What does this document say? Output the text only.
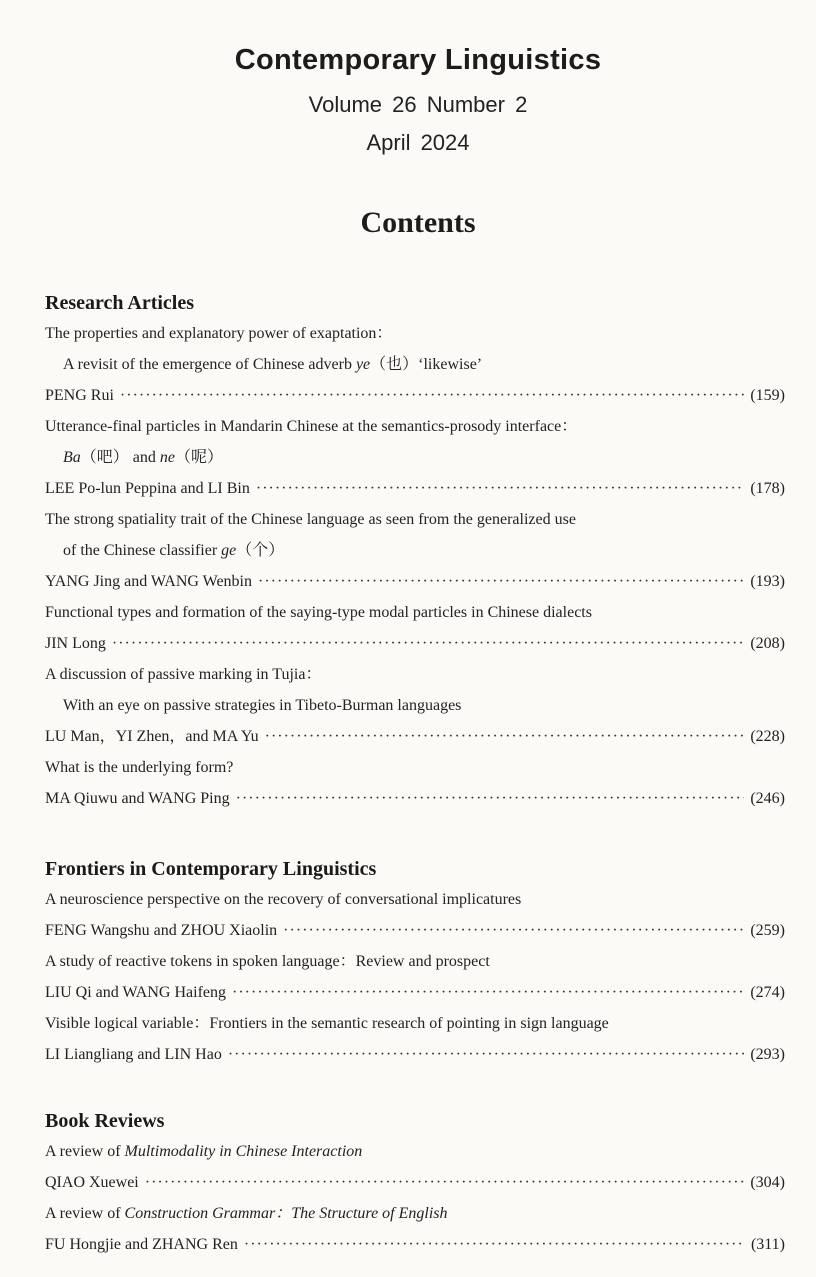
Contemporary Linguistics
Volume 26 Number 2
April 2024
Contents
Research Articles
The properties and explanatory power of exaptation：
A revisit of the emergence of Chinese adverb ye（也）‘likewise’
PENG Rui ·····	( 159 )
Utterance-final particles in Mandarin Chinese at the semantics-prosody interface：
Ba（吧） and ne（呢）
LEE Po-lun Peppina and LI Bin ·····	( 178 )
The strong spatiality trait of the Chinese language as seen from the generalized use
of the Chinese classifier ge（个）
YANG Jing and WANG Wenbin ·····	( 193 )
Functional types and formation of the saying-type modal particles in Chinese dialects
JIN Long ·····	( 208 )
A discussion of passive marking in Tujia：
With an eye on passive strategies in Tibeto-Burman languages
LU Man，YI Zhen，and MA Yu ·····	( 228 )
What is the underlying form?
MA Qiuwu and WANG Ping ·····	( 246 )
Frontiers in Contemporary Linguistics
A neuroscience perspective on the recovery of conversational implicatures
FENG Wangshu and ZHOU Xiaolin ·····	( 259 )
A study of reactive tokens in spoken language：Review and prospect
LIU Qi and WANG Haifeng ·····	( 274 )
Visible logical variable：Frontiers in the semantic research of pointing in sign language
LI Liangliang and LIN Hao ·····	( 293 )
Book Reviews
A review of Multimodality in Chinese Interaction
QIAO Xuewei ·····	( 304 )
A review of Construction Grammar：The Structure of English
FU Hongjie and ZHANG Ren ·····	( 311 )
